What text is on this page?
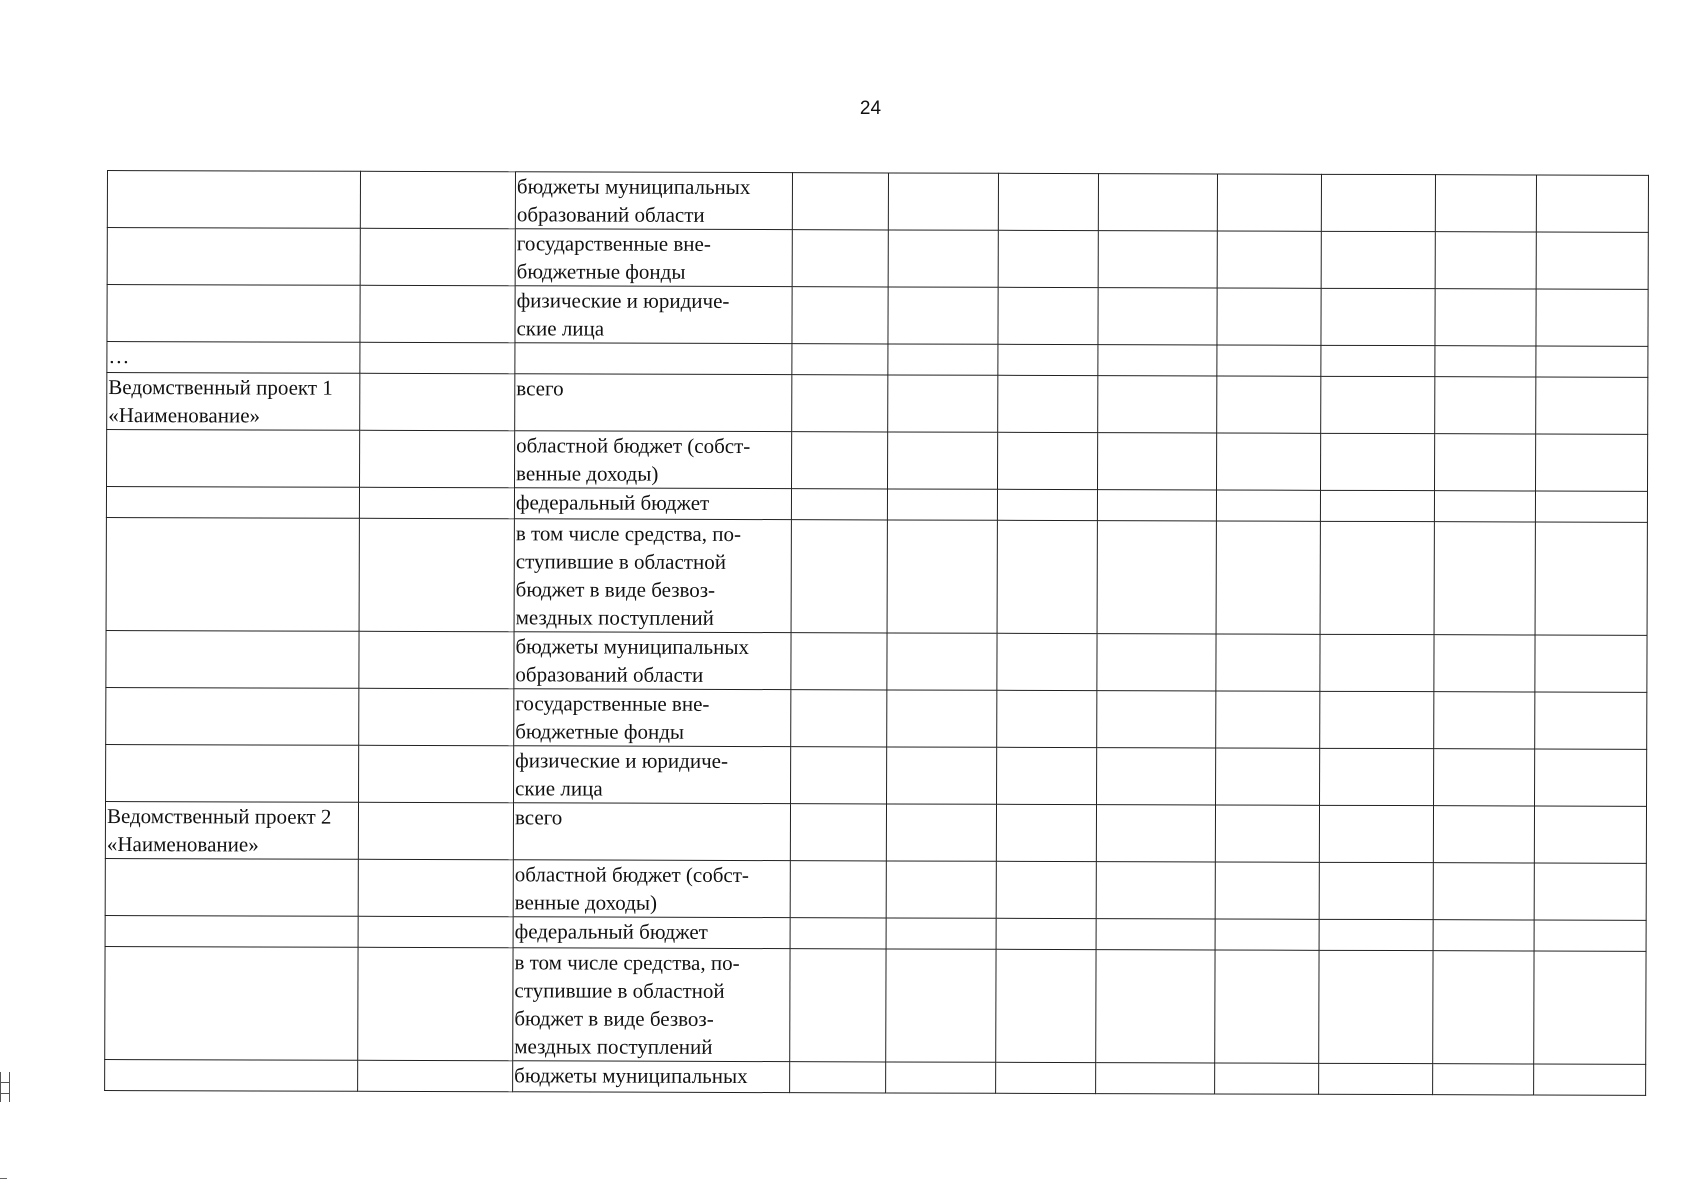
24
		бюджеты муниципальных
образований области								
		государственные вне-
бюджетные фонды								
		физические и юридиче-
ские лица								
…										
Ведомственный проект 1 «Наименование»		всего								
		областной бюджет (собст-
венные доходы)								
		федеральный бюджет								
		в том числе средства, по-
ступившие в областной
бюджет в виде безвоз-
мездных поступлений								
		бюджеты муниципальных
образований области								
		государственные вне-
бюджетные фонды								
		физические и юридиче-
ские лица								
Ведомственный проект 2 «Наименование»		всего								
		областной бюджет (собст-
венные доходы)								
		федеральный бюджет								
		в том числе средства, по-
ступившие в областной
бюджет в виде безвоз-
мездных поступлений								
		бюджеты муниципальных								
